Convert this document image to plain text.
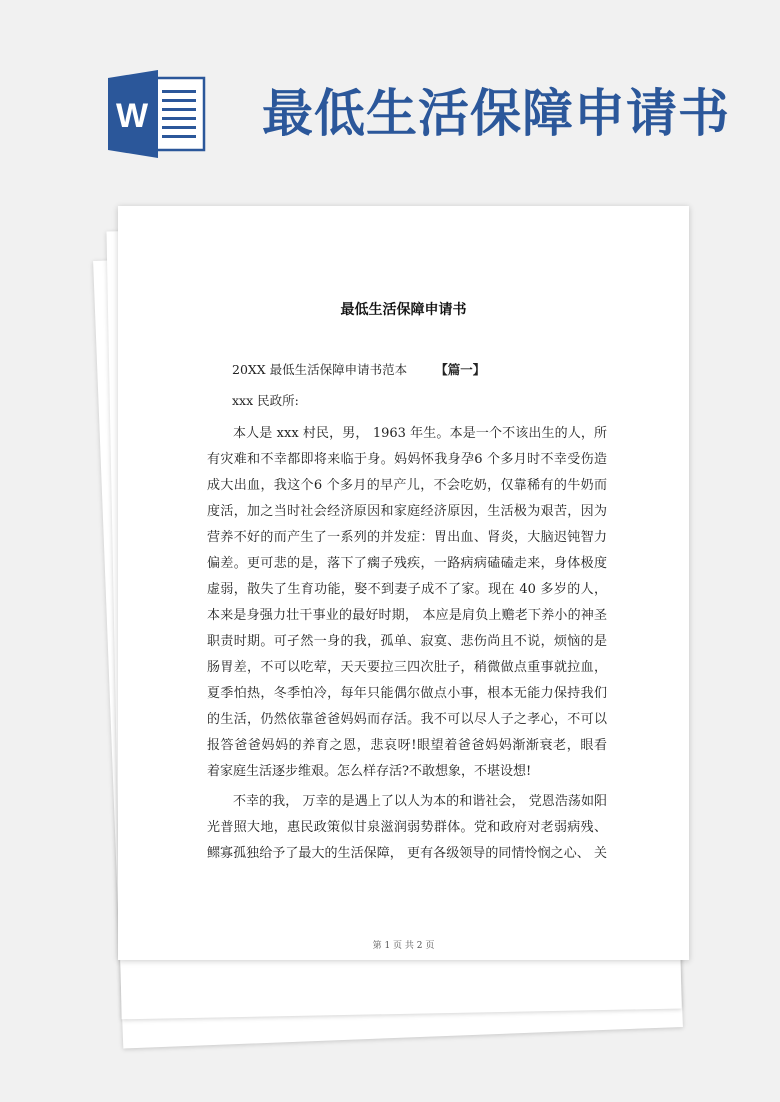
W 最低生活保障申请书
最低生活保障申请书
20XX 最低生活保障申请书范本 【篇一】
xxx 民政所:
本人是 xxx 村民，男， 1963 年生。本是一个不该出生的人，所
有灾难和不幸都即将来临于身。妈妈怀我身孕6 个多月时不幸受伤造
成大出血，我这个6 个多月的早产儿，不会吃奶，仅靠稀有的牛奶而
度活，加之当时社会经济原因和家庭经济原因，生活极为艰苦，因为
营养不好的而产生了一系列的并发症：胃出血、肾炎，大脑迟钝智力
偏差。更可悲的是，落下了瘸子残疾，一路病病磕磕走来，身体极度
虚弱，散失了生育功能，娶不到妻子成不了家。现在 40 多岁的人，
本来是身强力壮干事业的最好时期， 本应是肩负上赡老下养小的神圣
职责时期。可孑然一身的我，孤单、寂寞、悲伤尚且不说，烦恼的是
肠胃差，不可以吃荤，天天要拉三四次肚子，稍微做点重事就拉血，
夏季怕热，冬季怕冷，每年只能偶尔做点小事，根本无能力保持我们
的生活，仍然依靠爸爸妈妈而存活。我不可以尽人子之孝心，不可以
报答爸爸妈妈的养育之恩，悲哀呀!眼望着爸爸妈妈渐渐衰老，眼看
着家庭生活逐步维艰。怎么样存活?不敢想象，不堪设想!
不幸的我， 万幸的是遇上了以人为本的和谐社会， 党恩浩荡如阳
光普照大地，惠民政策似甘泉滋润弱势群体。党和政府对老弱病残、
鳏寡孤独给予了最大的生活保障， 更有各级领导的同情怜悯之心、 关
第 1 页 共 2 页
